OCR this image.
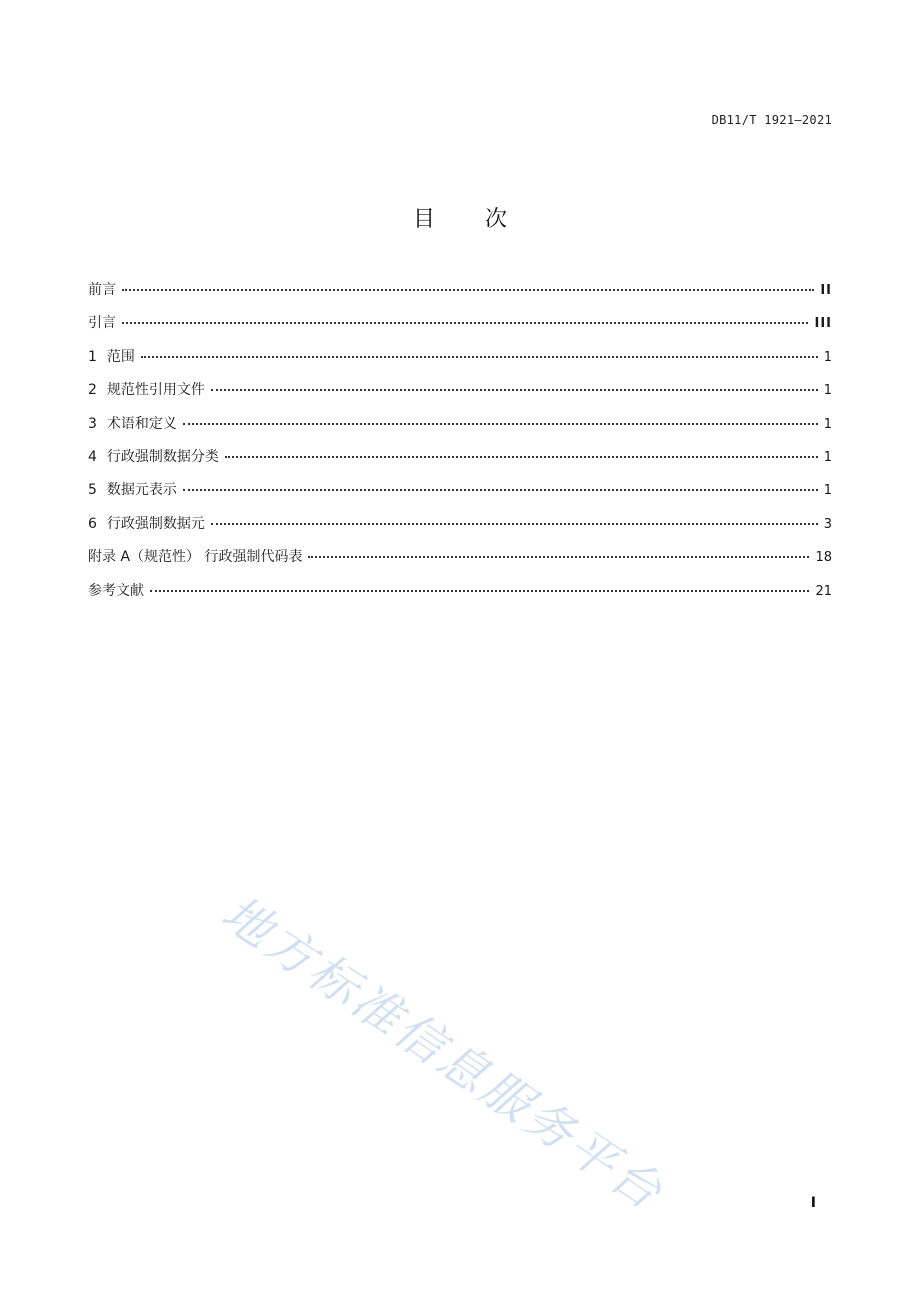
DB11/T 1921—2021
目 次
前言	II
引言	III
1 范围	1
2 规范性引用文件	1
3 术语和定义	1
4 行政强制数据分类	1
5 数据元表示	1
6 行政强制数据元	3
附录 A（规范性） 行政强制代码表	18
参考文献	21
地方标准信息服务平台	I
